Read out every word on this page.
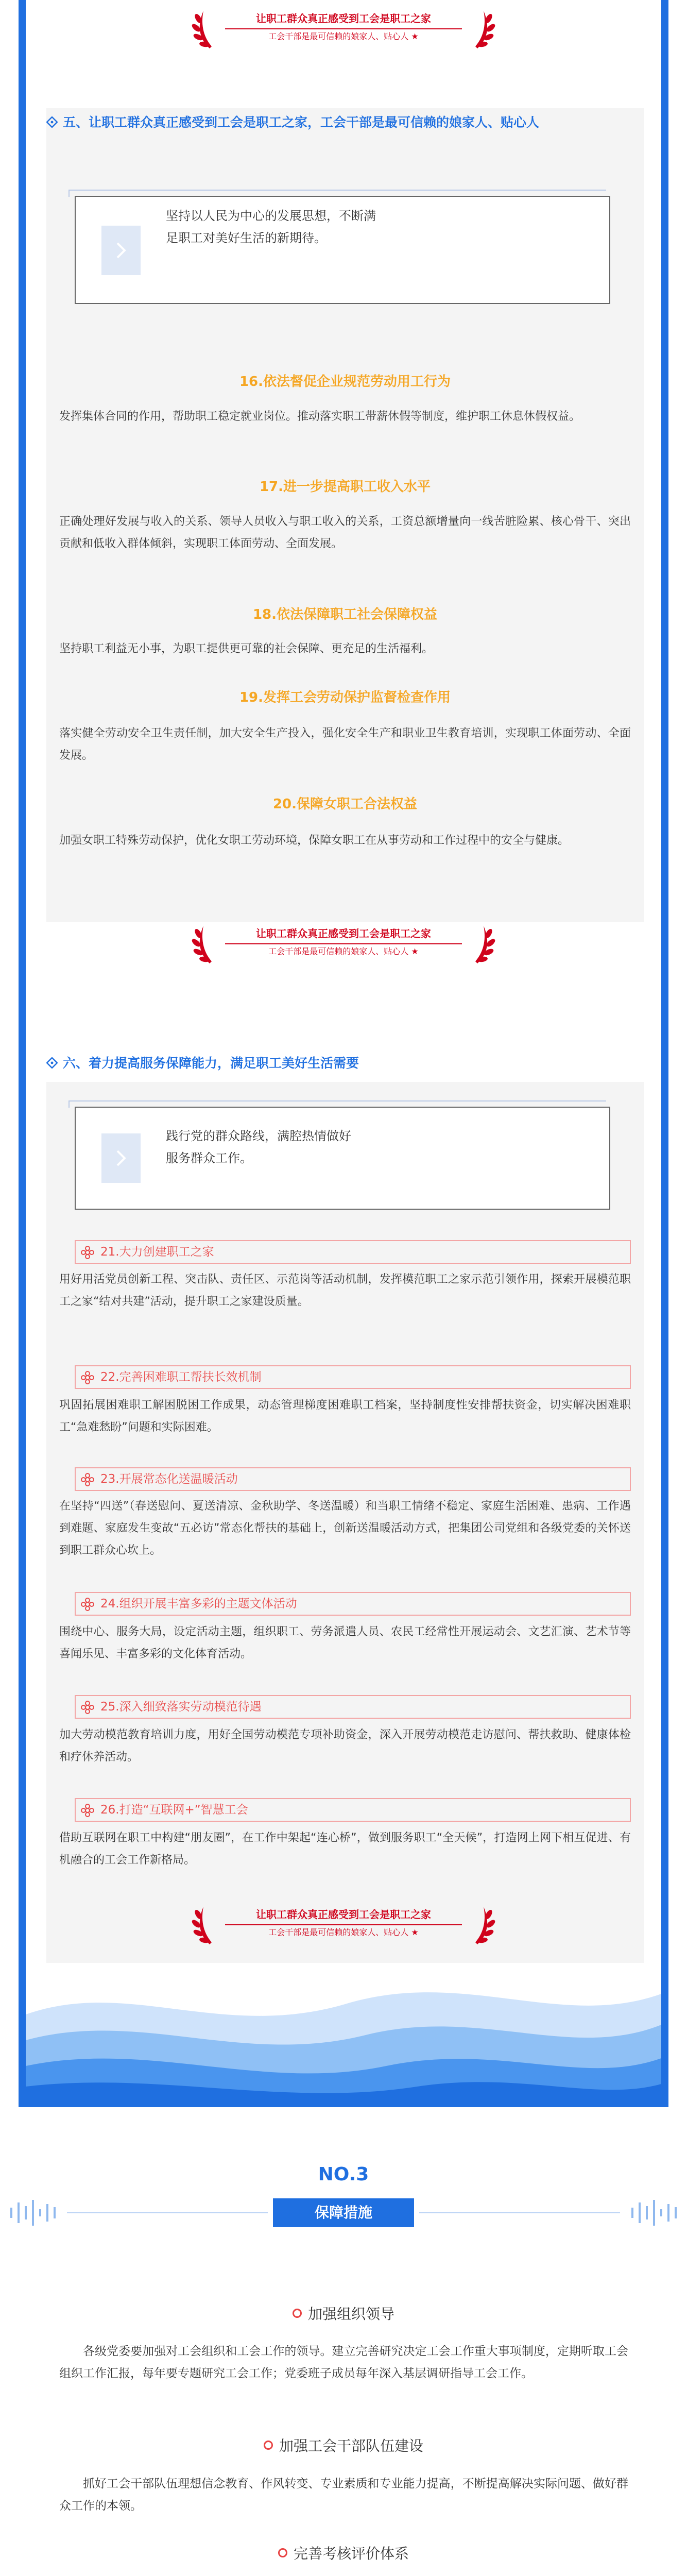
让职工群众真正感受到工会是职工之家
工会干部是最可信赖的娘家人、贴心人 ★
五、让职工群众真正感受到工会是职工之家，工会干部是最可信赖的娘家人、贴心人
坚持以人民为中心的发展思想，不断满足职工对美好生活的新期待。
16.依法督促企业规范劳动用工行为
发挥集体合同的作用，帮助职工稳定就业岗位。推动落实职工带薪休假等制度，维护职工休息休假权益。
17.进一步提高职工收入水平
正确处理好发展与收入的关系、领导人员收入与职工收入的关系，工资总额增量向一线苦脏险累、核心骨干、突出贡献和低收入群体倾斜，实现职工体面劳动、全面发展。
18.依法保障职工社会保障权益
坚持职工利益无小事，为职工提供更可靠的社会保障、更充足的生活福利。
19.发挥工会劳动保护监督检查作用
落实健全劳动安全卫生责任制，加大安全生产投入，强化安全生产和职业卫生教育培训，实现职工体面劳动、全面发展。
20.保障女职工合法权益
加强女职工特殊劳动保护，优化女职工劳动环境，保障女职工在从事劳动和工作过程中的安全与健康。
让职工群众真正感受到工会是职工之家
工会干部是最可信赖的娘家人、贴心人 ★
六、着力提高服务保障能力，满足职工美好生活需要
践行党的群众路线，满腔热情做好服务群众工作。
21.大力创建职工之家
用好用活党员创新工程、突击队、责任区、示范岗等活动机制，发挥模范职工之家示范引领作用，探索开展模范职工之家“结对共建”活动，提升职工之家建设质量。
22.完善困难职工帮扶长效机制
巩固拓展困难职工解困脱困工作成果，动态管理梯度困难职工档案，坚持制度性安排帮扶资金，切实解决困难职工“急难愁盼”问题和实际困难。
23.开展常态化送温暖活动
在坚持“四送”（春送慰问、夏送清凉、金秋助学、冬送温暖）和当职工情绪不稳定、家庭生活困难、患病、工作遇到难题、家庭发生变故“五必访”常态化帮扶的基础上，创新送温暖活动方式，把集团公司党组和各级党委的关怀送到职工群众心坎上。
24.组织开展丰富多彩的主题文体活动
围绕中心、服务大局，设定活动主题，组织职工、劳务派遣人员、农民工经常性开展运动会、文艺汇演、艺术节等喜闻乐见、丰富多彩的文化体育活动。
25.深入细致落实劳动模范待遇
加大劳动模范教育培训力度，用好全国劳动模范专项补助资金，深入开展劳动模范走访慰问、帮扶救助、健康体检和疗休养活动。
26.打造“互联网+”智慧工会
借助互联网在职工中构建“朋友圈”，在工作中架起“连心桥”，做到服务职工“全天候”，打造网上网下相互促进、有机融合的工会工作新格局。
让职工群众真正感受到工会是职工之家
工会干部是最可信赖的娘家人、贴心人 ★
NO.3
保障措施
加强组织领导
各级党委要加强对工会组织和工会工作的领导。建立完善研究决定工会工作重大事项制度，定期听取工会组织工作汇报，每年要专题研究工会工作；党委班子成员每年深入基层调研指导工会工作。
加强工会干部队伍建设
抓好工会干部队伍理想信念教育、作风转变、专业素质和专业能力提高，不断提高解决实际问题、做好群众工作的本领。
完善考核评价体系
